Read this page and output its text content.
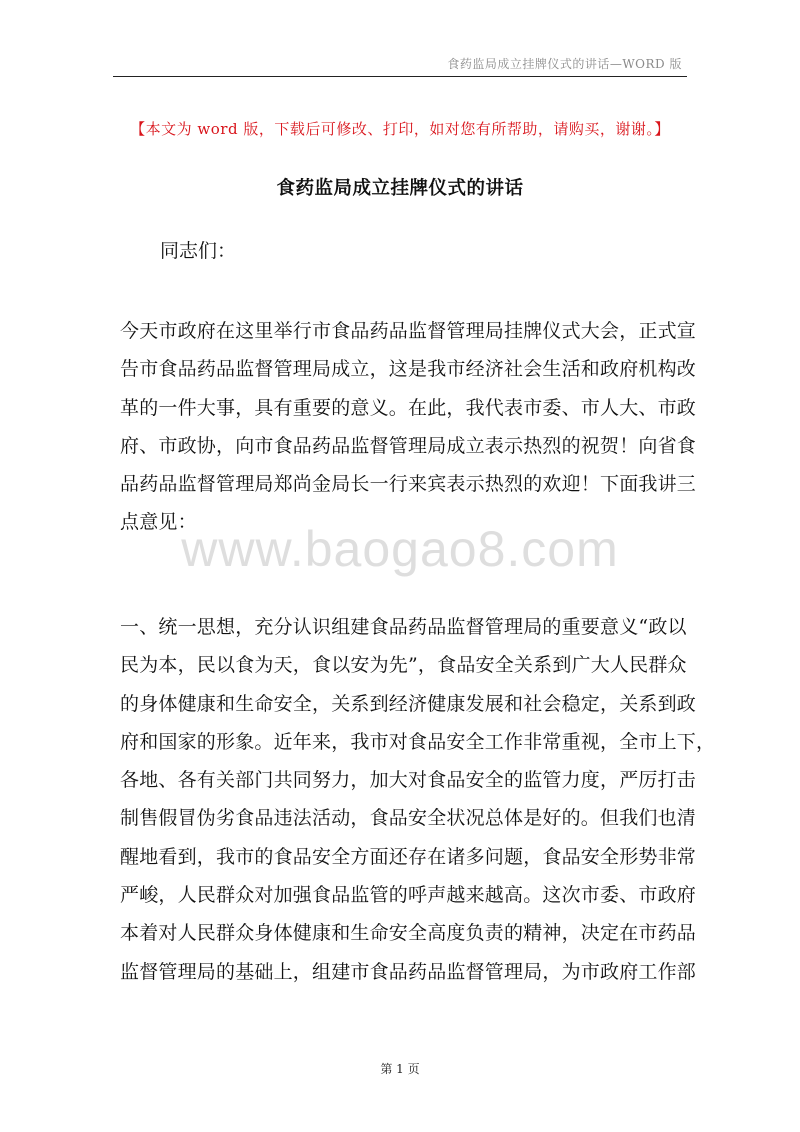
食药监局成立挂牌仪式的讲话—WORD 版
【本文为 word 版，下载后可修改、打印，如对您有所帮助，请购买，谢谢。】
食药监局成立挂牌仪式的讲话
同志们：
今天市政府在这里举行市食品药品监督管理局挂牌仪式大会，正式宣
告市食品药品监督管理局成立，这是我市经济社会生活和政府机构改
革的一件大事，具有重要的意义。在此，我代表市委、市人大、市政
府、市政协，向市食品药品监督管理局成立表示热烈的祝贺！向省食
品药品监督管理局郑尚金局长一行来宾表示热烈的欢迎！下面我讲三
点意见：
一、统一思想，充分认识组建食品药品监督管理局的重要意义“政以
民为本，民以食为天，食以安为先”，食品安全关系到广大人民群众
的身体健康和生命安全，关系到经济健康发展和社会稳定，关系到政
府和国家的形象。近年来，我市对食品安全工作非常重视，全市上下，
各地、各有关部门共同努力，加大对食品安全的监管力度，严厉打击
制售假冒伪劣食品违法活动，食品安全状况总体是好的。但我们也清
醒地看到，我市的食品安全方面还存在诸多问题，食品安全形势非常
严峻，人民群众对加强食品监管的呼声越来越高。这次市委、市政府
本着对人民群众身体健康和生命安全高度负责的精神，决定在市药品
监督管理局的基础上，组建市食品药品监督管理局，为市政府工作部
www.baogao8.com
第 1 页
